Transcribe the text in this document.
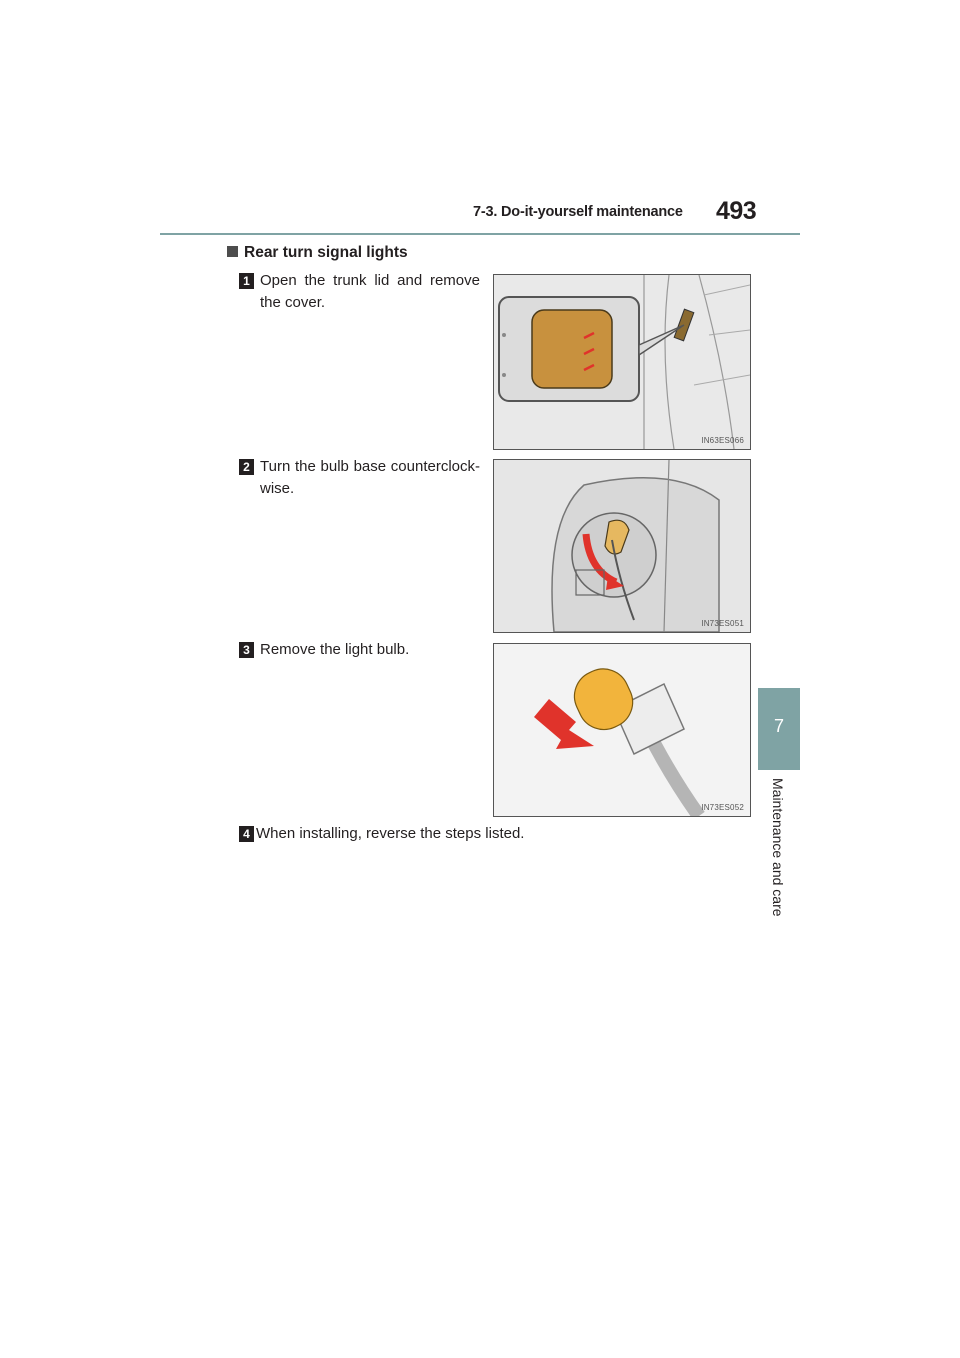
7-3. Do-it-yourself maintenance 493
7
Maintenance and care
Rear turn signal lights
1 Open the trunk lid and remove the cover.
IN63ES066
2 Turn the bulb base counterclock-wise.
IN73ES051
3 Remove the light bulb.
IN73ES052
4 When installing, reverse the steps listed.
